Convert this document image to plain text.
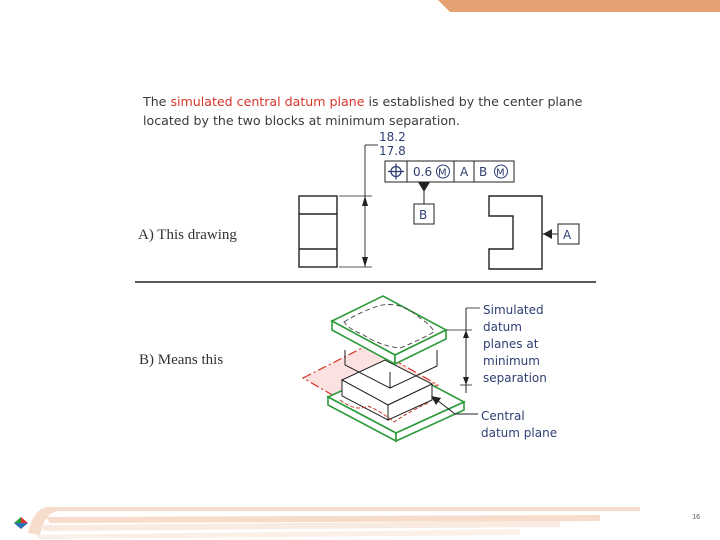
The simulated central datum plane is established by the center plane located by the two blocks at minimum separation.
18.2
17.8
0.6 M A B M
B
A
Simulated
datum
planes at
minimum
separation
Central
datum plane
A) This drawing
B) Means this
16
